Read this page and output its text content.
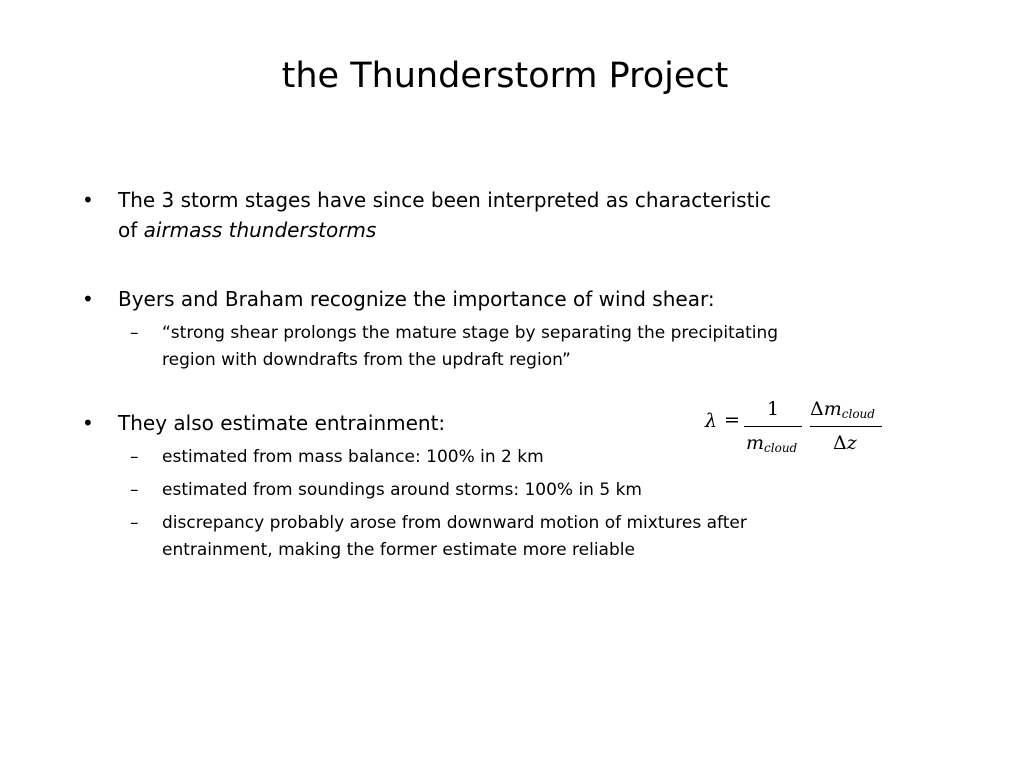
the Thunderstorm Project
• The 3 storm stages have since been interpreted as characteristic
of airmass thunderstorms
• Byers and Braham recognize the importance of wind shear:
– “strong shear prolongs the mature stage by separating the precipitating
region with downdrafts from the updraft region”
• They also estimate entrainment:
– estimated from mass balance: 100% in 2 km
– estimated from soundings around storms: 100% in 5 km
– discrepancy probably arose from downward motion of mixtures after
entrainment, making the former estimate more reliable
λ = 1
mcloud
Δmcloud
Δz
